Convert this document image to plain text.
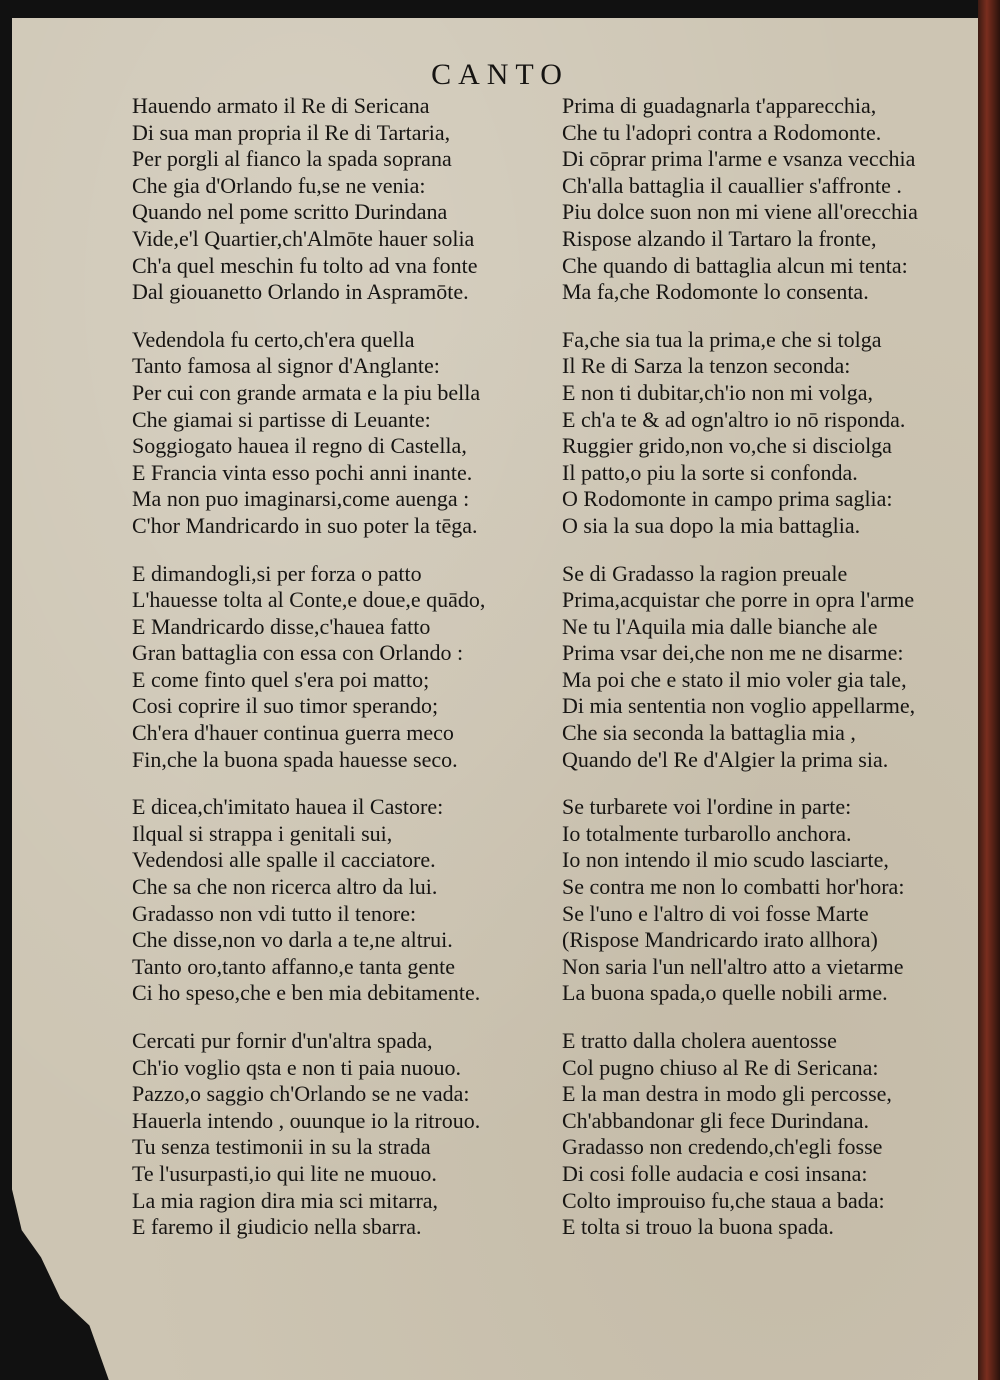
CANTO
Hauendo armato il Re di Sericana
Di sua man propria il Re di Tartaria,
Per porgli al fianco la spada soprana
Che gia d'Orlando fu,se ne venia:
Quando nel pome scritto Durindana
Vide,e'l Quartier,ch'Almōte hauer solia
Ch'a quel meschin fu tolto ad vna fonte
Dal giouanetto Orlando in Aspramōte.
Vedendola fu certo,ch'era quella
Tanto famosa al signor d'Anglante:
Per cui con grande armata e la piu bella
Che giamai si partisse di Leuante:
Soggiogato hauea il regno di Castella,
E Francia vinta esso pochi anni inante.
Ma non puo imaginarsi,come auenga :
C'hor Mandricardo in suo poter la tēga.
E dimandogli,si per forza o patto
L'hauesse tolta al Conte,e doue,e quādo,
E Mandricardo disse,c'hauea fatto
Gran battaglia con essa con Orlando :
E come finto quel s'era poi matto;
Cosi coprire il suo timor sperando;
Ch'era d'hauer continua guerra meco
Fin,che la buona spada hauesse seco.
E dicea,ch'imitato hauea il Castore:
Ilqual si strappa i genitali sui,
Vedendosi alle spalle il cacciatore.
Che sa che non ricerca altro da lui.
Gradasso non vdi tutto il tenore:
Che disse,non vo darla a te,ne altrui.
Tanto oro,tanto affanno,e tanta gente
Ci ho speso,che e ben mia debitamente.
Cercati pur fornir d'un'altra spada,
Ch'io voglio qsta e non ti paia nuouo.
Pazzo,o saggio ch'Orlando se ne vada:
Hauerla intendo , ouunque io la ritrouo.
Tu senza testimonii in su la strada
Te l'usurpasti,io qui lite ne muouo.
La mia ragion dira mia sci mitarra,
E faremo il giudicio nella sbarra.
Prima di guadagnarla t'apparecchia,
Che tu l'adopri contra a Rodomonte.
Di cōprar prima l'arme e vsanza vecchia
Ch'alla battaglia il cauallier s'affronte .
Piu dolce suon non mi viene all'orecchia
Rispose alzando il Tartaro la fronte,
Che quando di battaglia alcun mi tenta:
Ma fa,che Rodomonte lo consenta.
Fa,che sia tua la prima,e che si tolga
Il Re di Sarza la tenzon seconda:
E non ti dubitar,ch'io non mi volga,
E ch'a te & ad ogn'altro io nō risponda.
Ruggier grido,non vo,che si disciolga
Il patto,o piu la sorte si confonda.
O Rodomonte in campo prima saglia:
O sia la sua dopo la mia battaglia.
Se di Gradasso la ragion preuale
Prima,acquistar che porre in opra l'arme
Ne tu l'Aquila mia dalle bianche ale
Prima vsar dei,che non me ne disarme:
Ma poi che e stato il mio voler gia tale,
Di mia sententia non voglio appellarme,
Che sia seconda la battaglia mia ,
Quando de'l Re d'Algier la prima sia.
Se turbarete voi l'ordine in parte:
Io totalmente turbarollo anchora.
Io non intendo il mio scudo lasciarte,
Se contra me non lo combatti hor'hora:
Se l'uno e l'altro di voi fosse Marte
(Rispose Mandricardo irato allhora)
Non saria l'un nell'altro atto a vietarme
La buona spada,o quelle nobili arme.
E tratto dalla cholera auentosse
Col pugno chiuso al Re di Sericana:
E la man destra in modo gli percosse,
Ch'abbandonar gli fece Durindana.
Gradasso non credendo,ch'egli fosse
Di cosi folle audacia e cosi insana:
Colto improuiso fu,che staua a bada:
E tolta si trouo la buona spada.
